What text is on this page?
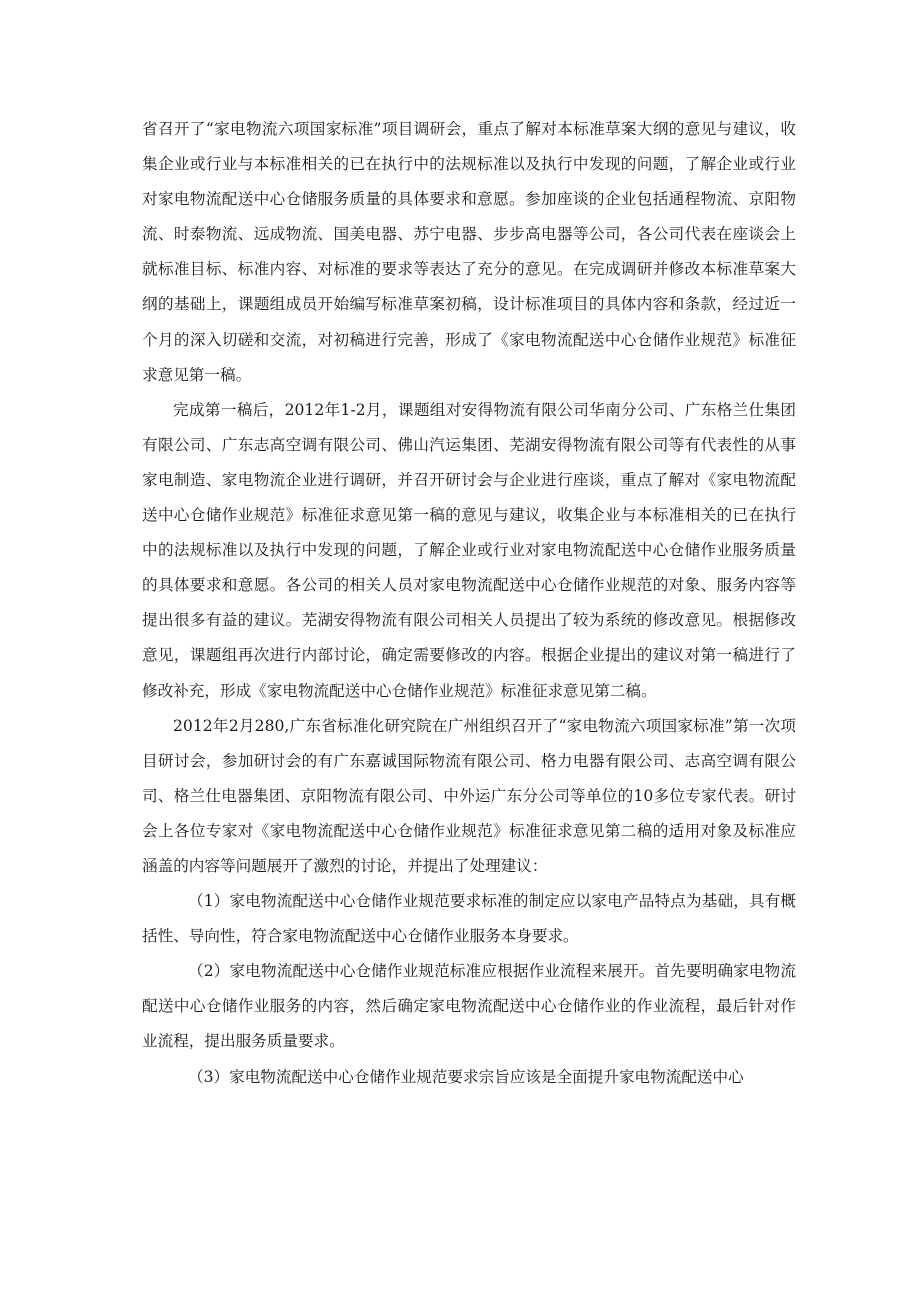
省召开了“家电物流六项国家标准”项目调研会，重点了解对本标准草案大纲的意见与建议，收集企业或行业与本标准相关的已在执行中的法规标准以及执行中发现的问题，了解企业或行业对家电物流配送中心仓储服务质量的具体要求和意愿。参加座谈的企业包括通程物流、京阳物流、时泰物流、远成物流、国美电器、苏宁电器、步步高电器等公司，各公司代表在座谈会上就标准目标、标准内容、对标准的要求等表达了充分的意见。在完成调研并修改本标准草案大纲的基础上，课题组成员开始编写标准草案初稿，设计标准项目的具体内容和条款，经过近一个月的深入切磋和交流，对初稿进行完善，形成了《家电物流配送中心仓储作业规范》标准征求意见第一稿。

完成第一稿后，2012年1-2月，课题组对安得物流有限公司华南分公司、广东格兰仕集团有限公司、广东志高空调有限公司、佛山汽运集团、芜湖安得物流有限公司等有代表性的从事家电制造、家电物流企业进行调研，并召开研讨会与企业进行座谈，重点了解对《家电物流配送中心仓储作业规范》标准征求意见第一稿的意见与建议，收集企业与本标准相关的已在执行中的法规标准以及执行中发现的问题，了解企业或行业对家电物流配送中心仓储作业服务质量的具体要求和意愿。各公司的相关人员对家电物流配送中心仓储作业规范的对象、服务内容等提出很多有益的建议。芜湖安得物流有限公司相关人员提出了较为系统的修改意见。根据修改意见，课题组再次进行内部讨论，确定需要修改的内容。根据企业提出的建议对第一稿进行了修改补充，形成《家电物流配送中心仓储作业规范》标准征求意见第二稿。

2012年2月280,广东省标准化研究院在广州组织召开了“家电物流六项国家标准”第一次项目研讨会，参加研讨会的有广东嘉诚国际物流有限公司、格力电器有限公司、志高空调有限公司、格兰仕电器集团、京阳物流有限公司、中外运广东分公司等单位的10多位专家代表。研讨会上各位专家对《家电物流配送中心仓储作业规范》标准征求意见第二稿的适用对象及标准应涵盖的内容等问题展开了激烈的讨论，并提出了处理建议：

（1）家电物流配送中心仓储作业规范要求标准的制定应以家电产品特点为基础，具有概括性、导向性，符合家电物流配送中心仓储作业服务本身要求。

（2）家电物流配送中心仓储作业规范标准应根据作业流程来展开。首先要明确家电物流配送中心仓储作业服务的内容，然后确定家电物流配送中心仓储作业的作业流程，最后针对作业流程，提出服务质量要求。

（3）家电物流配送中心仓储作业规范要求宗旨应该是全面提升家电物流配送中心
